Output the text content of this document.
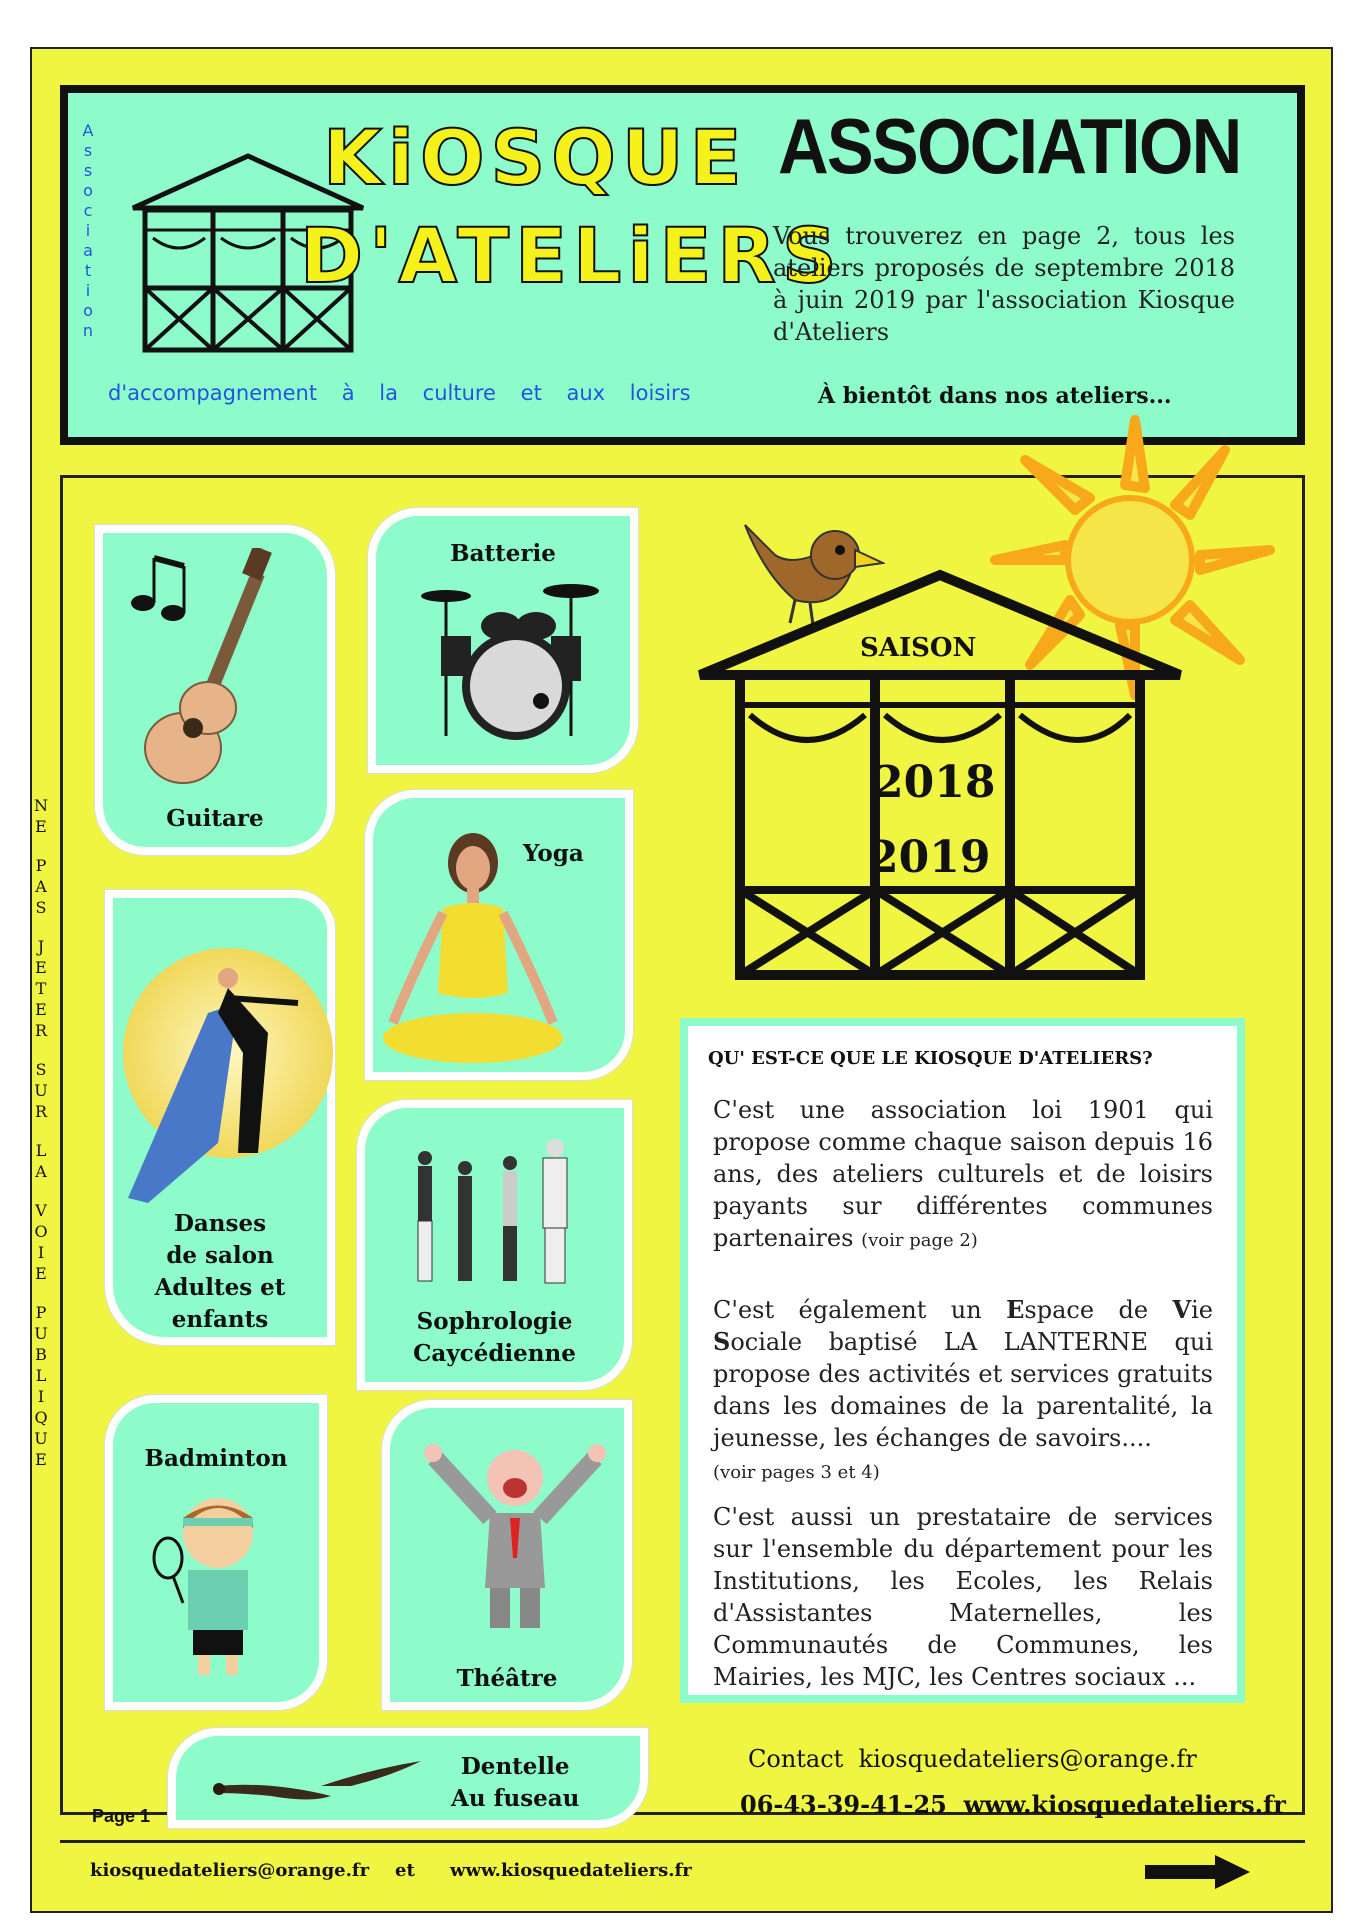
A
s
s
o
c
i
a
t
i
o
n
KiOSQUE
D'ATELiERS
d'accompagnement à la culture et aux loisirs
ASSOCIATION
Vous trouverez en page 2, tous les ateliers proposés de septembre 2018 à juin 2019 par l'association Kiosque d'Ateliers
À bientôt dans nos ateliers...
N
E
P
A
S
J
E
T
E
R
S
U
R
L
A
V
O
I
E
P
U
B
L
I
Q
U
E
Guitare
Batterie
Yoga
Danses
de salon
Adultes et
enfants	Sophrologie
Caycédienne
Badminton
Théâtre
Dentelle
Au fuseau
SAISON
2018
2019
QU' EST-CE QUE LE KIOSQUE D'ATELIERS?
C'est une association loi 1901 qui propose comme chaque saison depuis 16 ans, des ateliers culturels et de loisirs payants sur différentes communes partenaires (voir page 2)
C'est également un Espace de Vie Sociale baptisé LA LANTERNE qui propose des activités et services gratuits dans les domaines de la parentalité, la jeunesse, les échanges de savoirs....
(voir pages 3 et 4)
C'est aussi un prestataire de services sur l'ensemble du département pour les Institutions, les Ecoles, les Relais d'Assistantes Maternelles, les Communautés de Communes, les Mairies, les MJC, les Centres sociaux ...
Contact kiosquedateliers@orange.fr
06-43-39-41-25 www.kiosquedateliers.fr
Page 1
kiosquedateliers@orange.fr et www.kiosquedateliers.fr
